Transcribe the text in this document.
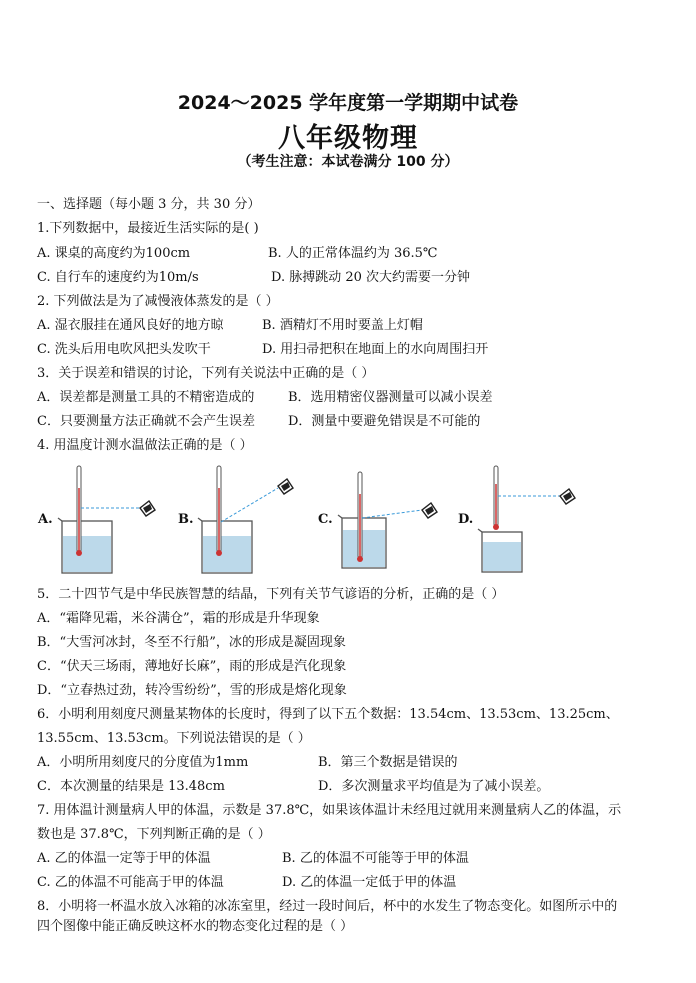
2024～2025 学年度第一学期期中试卷
八年级物理
（考生注意：本试卷满分 100 分）
一、选择题（每小题 3 分，共 30 分）
1.下列数据中，最接近生活实际的是( )
A. 课桌的高度约为100cm	B. 人的正常体温约为 36.5℃
C. 自行车的速度约为10m/s	D. 脉搏跳动 20 次大约需要一分钟
2. 下列做法是为了减慢液体蒸发的是（ ）
A. 湿衣服挂在通风良好的地方晾	B. 酒精灯不用时要盖上灯帽
C. 洗头后用电吹风把头发吹干	D. 用扫帚把积在地面上的水向周围扫开
3．关于误差和错误的讨论，下列有关说法中正确的是（ ）
A．误差都是测量工具的不精密造成的	B．选用精密仪器测量可以减小误差
C．只要测量方法正确就不会产生误差	D．测量中要避免错误是不可能的
4. 用温度计测水温做法正确的是（ ）
A.	B.	C.	D.
5．二十四节气是中华民族智慧的结晶，下列有关节气谚语的分析，正确的是（ ）
A．“霜降见霜，米谷满仓”，霜的形成是升华现象
B．“大雪河冰封，冬至不行船”，冰的形成是凝固现象
C．“伏天三场雨，薄地好长麻”，雨的形成是汽化现象
D．“立春热过劲，转冷雪纷纷”，雪的形成是熔化现象
6．小明利用刻度尺测量某物体的长度时，得到了以下五个数据：13.54cm、13.53cm、13.25cm、
13.55cm、13.53cm。下列说法错误的是（ ）
A．小明所用刻度尺的分度值为1mm	B．第三个数据是错误的
C．本次测量的结果是 13.48cm	D．多次测量求平均值是为了减小误差。
7. 用体温计测量病人甲的体温，示数是 37.8℃，如果该体温计未经甩过就用来测量病人乙的体温，示
数也是 37.8℃，下列判断正确的是（ ）
A. 乙的体温一定等于甲的体温	B. 乙的体温不可能等于甲的体温
C. 乙的体温不可能高于甲的体温	D. 乙的体温一定低于甲的体温
8．小明将一杯温水放入冰箱的冰冻室里，经过一段时间后，杯中的水发生了物态变化。如图所示中的
四个图像中能正确反映这杯水的物态变化过程的是（ ）
